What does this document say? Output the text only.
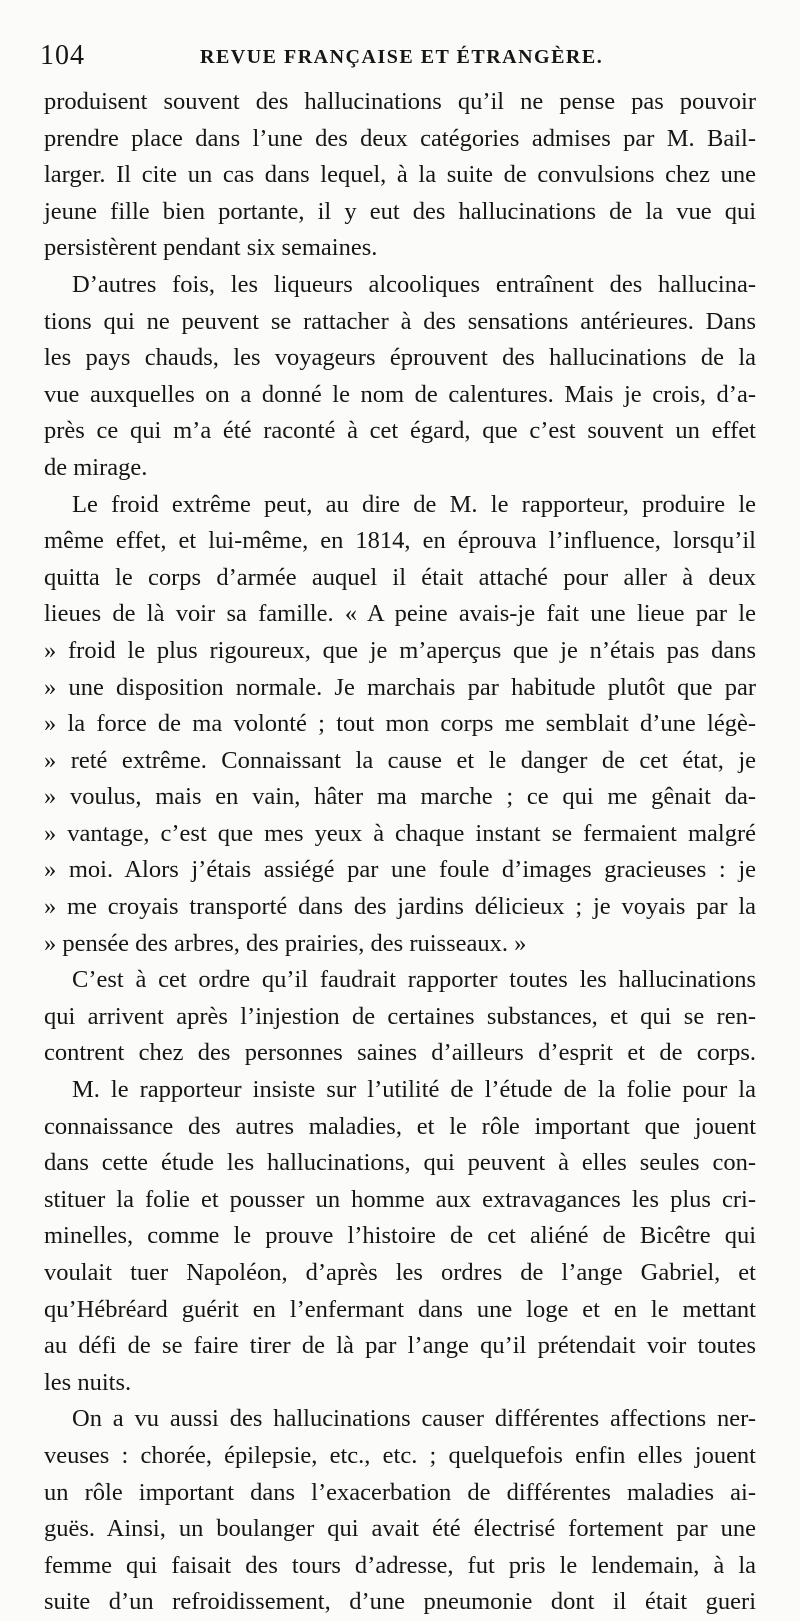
104	REVUE FRANÇAISE ET ÉTRANGÈRE.
produisent souvent des hallucinations qu’il ne pense pas pouvoir
prendre place dans l’une des deux catégories admises par M. Bail-
larger. Il cite un cas dans lequel, à la suite de convulsions chez une
jeune fille bien portante, il y eut des hallucinations de la vue qui
persistèrent pendant six semaines.
D’autres fois, les liqueurs alcooliques entraînent des hallucina-
tions qui ne peuvent se rattacher à des sensations antérieures. Dans
les pays chauds, les voyageurs éprouvent des hallucinations de la
vue auxquelles on a donné le nom de calentures. Mais je crois, d’a-
près ce qui m’a été raconté à cet égard, que c’est souvent un effet
de mirage.
Le froid extrême peut, au dire de M. le rapporteur, produire le
même effet, et lui-même, en 1814, en éprouva l’influence, lorsqu’il
quitta le corps d’armée auquel il était attaché pour aller à deux
lieues de là voir sa famille. « A peine avais-je fait une lieue par le
» froid le plus rigoureux, que je m’aperçus que je n’étais pas dans
» une disposition normale. Je marchais par habitude plutôt que par
» la force de ma volonté ; tout mon corps me semblait d’une légè-
» reté extrême. Connaissant la cause et le danger de cet état, je
» voulus, mais en vain, hâter ma marche ; ce qui me gênait da-
» vantage, c’est que mes yeux à chaque instant se fermaient malgré
» moi. Alors j’étais assiégé par une foule d’images gracieuses : je
» me croyais transporté dans des jardins délicieux ; je voyais par la
» pensée des arbres, des prairies, des ruisseaux. »
C’est à cet ordre qu’il faudrait rapporter toutes les hallucinations
qui arrivent après l’injestion de certaines substances, et qui se ren-
contrent chez des personnes saines d’ailleurs d’esprit et de corps.
M. le rapporteur insiste sur l’utilité de l’étude de la folie pour la
connaissance des autres maladies, et le rôle important que jouent
dans cette étude les hallucinations, qui peuvent à elles seules con-
stituer la folie et pousser un homme aux extravagances les plus cri-
minelles, comme le prouve l’histoire de cet aliéné de Bicêtre qui
voulait tuer Napoléon, d’après les ordres de l’ange Gabriel, et
qu’Hébréard guérit en l’enfermant dans une loge et en le mettant
au défi de se faire tirer de là par l’ange qu’il prétendait voir toutes
les nuits.
On a vu aussi des hallucinations causer différentes affections ner-
veuses : chorée, épilepsie, etc., etc. ; quelquefois enfin elles jouent
un rôle important dans l’exacerbation de différentes maladies ai-
guës. Ainsi, un boulanger qui avait été électrisé fortement par une
femme qui faisait des tours d’adresse, fut pris le lendemain, à la
suite d’un refroidissement, d’une pneumonie dont il était gueri
